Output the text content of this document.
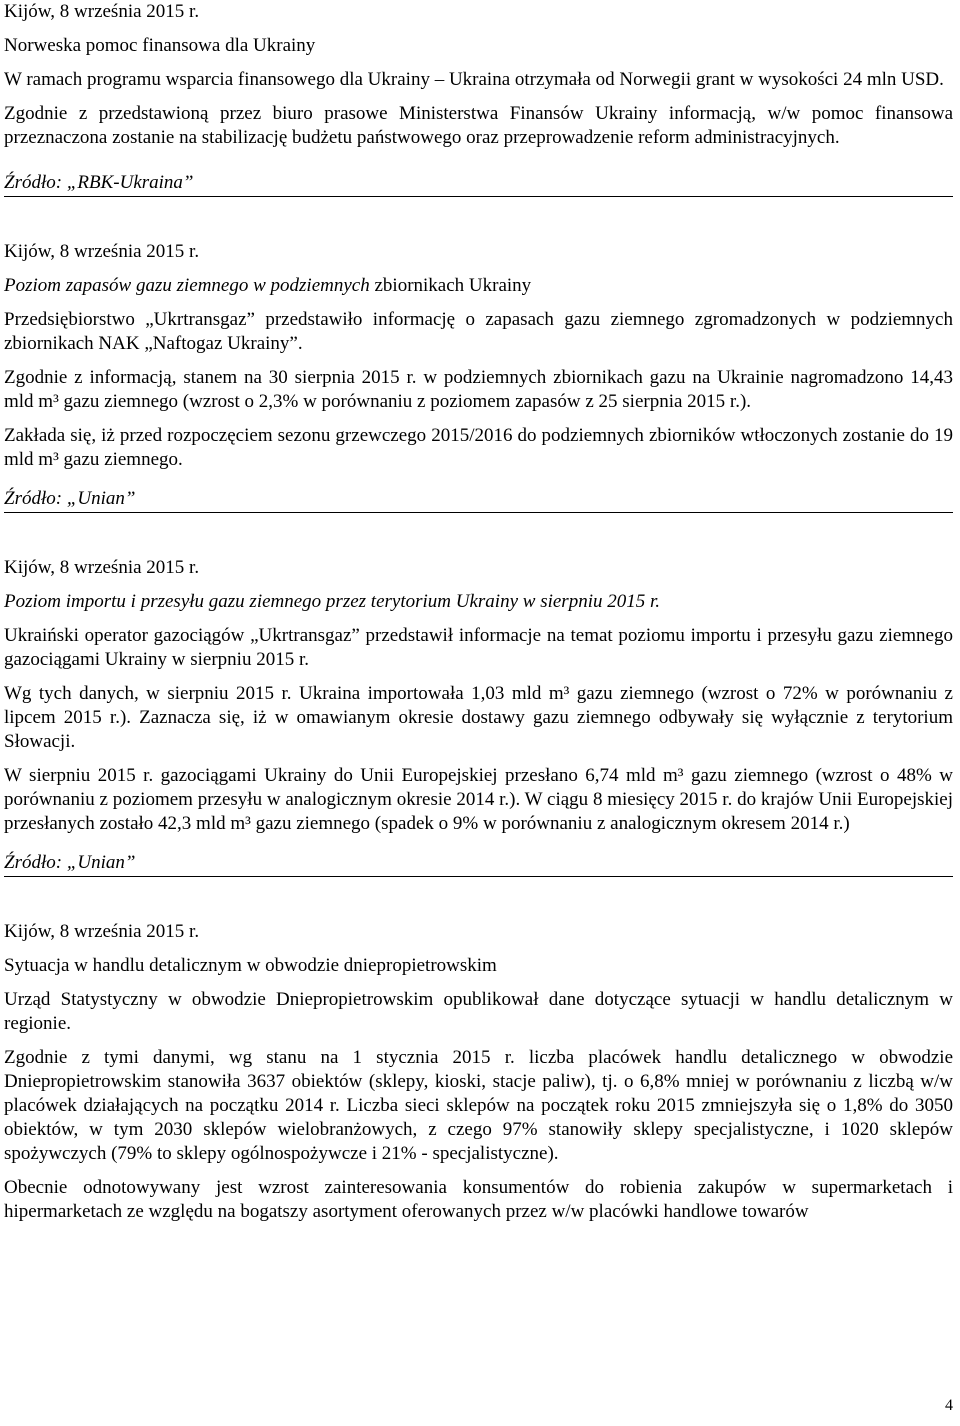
Kijów, 8 września 2015 r.
Norweska pomoc finansowa dla Ukrainy

W ramach programu wsparcia finansowego dla Ukrainy – Ukraina otrzymała od Norwegii grant w wysokości 24 mln USD.

Zgodnie z przedstawioną przez biuro prasowe Ministerstwa Finansów Ukrainy informacją, w/w pomoc finansowa przeznaczona zostanie na stabilizację budżetu państwowego oraz przeprowadzenie reform administracyjnych.

Źródło: „RBK-Ukraina”
Kijów, 8 września 2015 r.
Poziom zapasów gazu ziemnego w podziemnych zbiornikach Ukrainy

Przedsiębiorstwo „Ukrtransgaz” przedstawiło informację o zapasach gazu ziemnego zgromadzonych w podziemnych zbiornikach NAK „Naftogaz Ukrainy”.

Zgodnie z informacją, stanem na 30 sierpnia 2015 r. w podziemnych zbiornikach gazu na Ukrainie nagromadzono 14,43 mld m³ gazu ziemnego (wzrost o 2,3% w porównaniu z poziomem zapasów z 25 sierpnia 2015 r.).

Zakłada się, iż przed rozpoczęciem sezonu grzewczego 2015/2016 do podziemnych zbiorników wtłoczonych zostanie do 19 mld m³ gazu ziemnego.

Źródło: „Unian”
Kijów, 8 września 2015 r.
Poziom importu i przesyłu gazu ziemnego przez terytorium Ukrainy w sierpniu 2015 r.

Ukraiński operator gazociągów „Ukrtransgaz” przedstawił informacje na temat poziomu importu i przesyłu gazu ziemnego gazociągami Ukrainy w sierpniu 2015 r.

Wg tych danych, w sierpniu 2015 r. Ukraina importowała 1,03 mld m³ gazu ziemnego (wzrost o 72% w porównaniu z lipcem 2015 r.). Zaznacza się, iż w omawianym okresie dostawy gazu ziemnego odbywały się wyłącznie z terytorium Słowacji.

W sierpniu 2015 r. gazociągami Ukrainy do Unii Europejskiej przesłano 6,74 mld m³ gazu ziemnego (wzrost o 48% w porównaniu z poziomem przesyłu w analogicznym okresie 2014 r.). W ciągu 8 miesięcy 2015 r. do krajów Unii Europejskiej przesłanych zostało 42,3 mld m³ gazu ziemnego (spadek o 9% w porównaniu z analogicznym okresem 2014 r.)

Źródło: „Unian”
Kijów, 8 września 2015 r.
Sytuacja w handlu detalicznym w obwodzie dniepropietrowskim

Urząd Statystyczny w obwodzie Dniepropietrowskim opublikował dane dotyczące sytuacji w handlu detalicznym w regionie.

Zgodnie z tymi danymi, wg stanu na 1 stycznia 2015 r. liczba placówek handlu detalicznego w obwodzie Dniepropietrowskim stanowiła 3637 obiektów (sklepy, kioski, stacje paliw), tj. o 6,8% mniej w porównaniu z liczbą w/w placówek działających na początku 2014 r. Liczba sieci sklepów na początek roku 2015 zmniejszyła się o 1,8% do 3050 obiektów, w tym 2030 sklepów wielobranżowych, z czego 97% stanowiły sklepy specjalistyczne, i 1020 sklepów spożywczych (79% to sklepy ogólnospożywcze i 21% - specjalistyczne).

Obecnie odnotowywany jest wzrost zainteresowania konsumentów do robienia zakupów w supermarketach i hipermarketach ze względu na bogatszy asortyment oferowanych przez w/w placówki handlowe towarów

4
